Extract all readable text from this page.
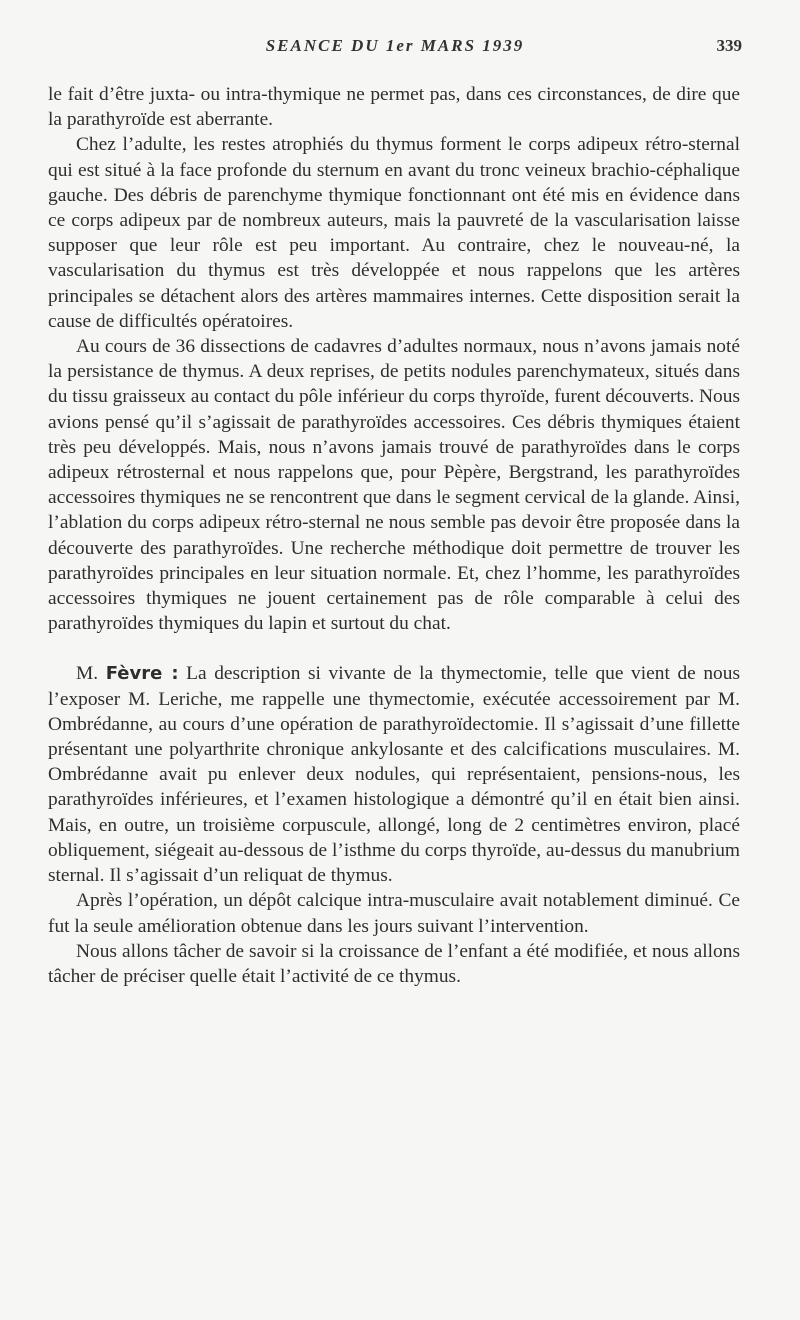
SEANCE DU 1er MARS 1939	339

le fait d’être juxta- ou intra-thymique ne permet pas, dans ces circonstances, de dire que la parathyroïde est aberrante.

Chez l’adulte, les restes atrophiés du thymus forment le corps adipeux rétro-sternal qui est situé à la face profonde du sternum en avant du tronc veineux brachio-céphalique gauche. Des débris de parenchyme thymique fonctionnant ont été mis en évidence dans ce corps adipeux par de nombreux auteurs, mais la pauvreté de la vascularisation laisse supposer que leur rôle est peu important. Au contraire, chez le nouveau-né, la vascularisation du thymus est très développée et nous rappelons que les artères principales se détachent alors des artères mammaires internes. Cette disposition serait la cause de difficultés opératoires.

Au cours de 36 dissections de cadavres d’adultes normaux, nous n’avons jamais noté la persistance de thymus. A deux reprises, de petits nodules parenchymateux, situés dans du tissu graisseux au contact du pôle inférieur du corps thyroïde, furent découverts. Nous avions pensé qu’il s’agissait de parathyroïdes accessoires. Ces débris thymiques étaient très peu développés. Mais, nous n’avons jamais trouvé de parathyroïdes dans le corps adipeux rétrosternal et nous rappelons que, pour Pèpère, Bergstrand, les parathyroïdes accessoires thymiques ne se rencontrent que dans le segment cervical de la glande. Ainsi, l’ablation du corps adipeux rétro-sternal ne nous semble pas devoir être proposée dans la découverte des parathyroïdes. Une recherche méthodique doit permettre de trouver les parathyroïdes principales en leur situation normale. Et, chez l’homme, les parathyroïdes accessoires thymiques ne jouent certainement pas de rôle comparable à celui des parathyroïdes thymiques du lapin et surtout du chat.

M. Fèvre : La description si vivante de la thymectomie, telle que vient de nous l’exposer M. Leriche, me rappelle une thymectomie, exécutée accessoirement par M. Ombrédanne, au cours d’une opération de parathyroïdectomie. Il s’agissait d’une fillette présentant une polyarthrite chronique ankylosante et des calcifications musculaires. M. Ombrédanne avait pu enlever deux nodules, qui représentaient, pensions-nous, les parathyroïdes inférieures, et l’examen histologique a démontré qu’il en était bien ainsi. Mais, en outre, un troisième corpuscule, allongé, long de 2 centimètres environ, placé obliquement, siégeait au-dessous de l’isthme du corps thyroïde, au-dessus du manubrium sternal. Il s’agissait d’un reliquat de thymus.

Après l’opération, un dépôt calcique intra-musculaire avait notablement diminué. Ce fut la seule amélioration obtenue dans les jours suivant l’intervention.

Nous allons tâcher de savoir si la croissance de l’enfant a été modifiée, et nous allons tâcher de préciser quelle était l’activité de ce thymus.
